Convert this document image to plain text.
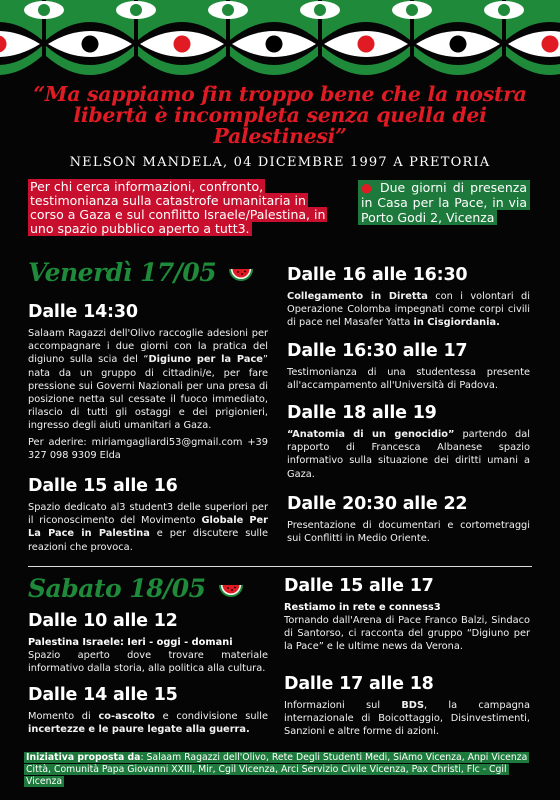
“Ma sappiamo fin troppo bene che la nostra libertà è incompleta senza quella dei Palestinesi”
NELSON MANDELA, 04 DICEMBRE 1997 A PRETORIA
Per chi cerca informazioni, confronto, testimonianza sulla catastrofe umanitaria in corso a Gaza e sul conflitto Israele/Palestina, in uno spazio pubblico aperto a tutt3.
● Due giorni di presenza in Casa per la Pace, in via Porto Godi 2, Vicenza
Venerdì 17/05
Dalle 14:30

Salaam Ragazzi dell'Olivo raccoglie adesioni per accompagnare i due giorni con la pratica del digiuno sulla scia del “Digiuno per la Pace” nata da un gruppo di cittadini/e, per fare pressione sui Governi Nazionali per una presa di posizione netta sul cessate il fuoco immediato, rilascio di tutti gli ostaggi e dei prigionieri, ingresso degli aiuti umanitari a Gaza.

Per aderire: miriamgagliardi53@gmail.com +39 327 098 9309 Elda

Dalle 15 alle 16

Spazio dedicato al3 student3 delle superiori per il riconoscimento del Movimento Globale Per La Pace in Palestina e per discutere sulle reazioni che provoca.

Dalle 16 alle 16:30

Collegamento in Diretta con i volontari di Operazione Colomba impegnati come corpi civili di pace nel Masafer Yatta in Cisgiordania.

Dalle 16:30 alle 17

Testimonianza di una studentessa presente all'accampamento all'Università di Padova.

Dalle 18 alle 19

“Anatomia di un genocidio” partendo dal rapporto di Francesca Albanese spazio informativo sulla situazione dei diritti umani a Gaza.

Dalle 20:30 alle 22

Presentazione di documentari e cortometraggi sui Conflitti in Medio Oriente.

Sabato 18/05
Dalle 10 alle 12
Palestina Israele: Ieri - oggi - domani

Spazio aperto dove trovare materiale informativo dalla storia, alla politica alla cultura.

Dalle 14 alle 15

Momento di co-ascolto e condivisione sulle incertezze e le paure legate alla guerra.

Dalle 15 alle 17
Restiamo in rete e conness3

Tornando dall'Arena di Pace Franco Balzi, Sindaco di Santorso, ci racconta del gruppo “Digiuno per la Pace” e le ultime news da Verona.

Dalle 17 alle 18

Informazioni sul BDS, la campagna internazionale di Boicottaggio, Disinvestimenti, Sanzioni e altre forme di azioni.

Iniziativa proposta da: Salaam Ragazzi dell'Olivo, Rete Degli Studenti Medi, SiAmo Vicenza, Anpi Vicenza Città, Comunità Papa Giovanni XXIII, Mir, Cgil Vicenza, Arci Servizio Civile Vicenza, Pax Christi, Flc - Cgil Vicenza
